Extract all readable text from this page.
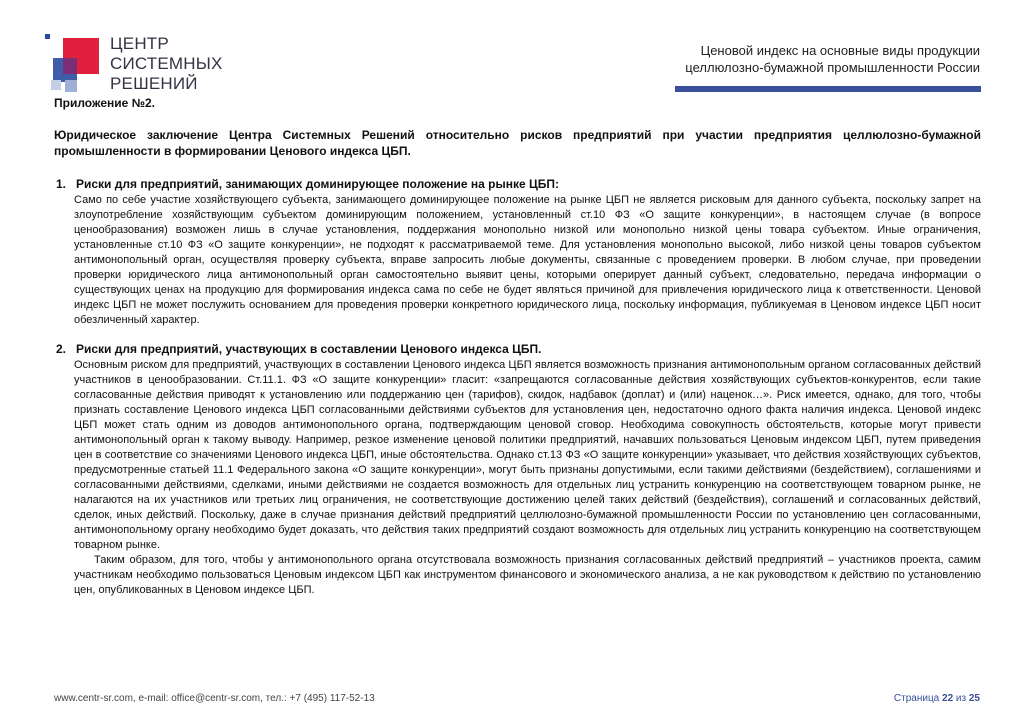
ЦЕНТР
СИСТЕМНЫХ
РЕШЕНИЙ
Ценовой индекс на основные виды продукции
целлюлозно-бумажной промышленности России
Приложение №2.
Юридическое заключение Центра Системных Решений относительно рисков предприятий при участии предприятия целлюлозно-бумажной промышленности в формировании Ценового индекса ЦБП.
1. Риски для предприятий, занимающих доминирующее положение на рынке ЦБП:

Само по себе участие хозяйствующего субъекта, занимающего доминирующее положение на рынке ЦБП не является рисковым для данного субъекта, поскольку запрет на злоупотребление хозяйствующим субъектом доминирующим положением, установленный ст.10 ФЗ «О защите конкуренции», в настоящем случае (в вопросе ценообразования) возможен лишь в случае установления, поддержания монопольно низкой или монопольно низкой цены товара субъектом. Иные ограничения, установленные ст.10 ФЗ «О защите конкуренции», не подходят к рассматриваемой теме. Для установления монопольно высокой, либо низкой цены товаров субъектом антимонопольный орган, осуществляя проверку субъекта, вправе запросить любые документы, связанные с проведением проверки. В любом случае, при проведении проверки юридического лица антимонопольный орган самостоятельно выявит цены, которыми оперирует данный субъект, следовательно, передача информации о существующих ценах на продукцию для формирования индекса сама по себе не будет являться причиной для привлечения юридического лица к ответственности. Ценовой индекс ЦБП не может послужить основанием для проведения проверки конкретного юридического лица, поскольку информация, публикуемая в Ценовом индексе ЦБП носит обезличенный характер.

2. Риски для предприятий, участвующих в составлении Ценового индекса ЦБП.

Основным риском для предприятий, участвующих в составлении Ценового индекса ЦБП является возможность признания антимонопольным органом согласованных действий участников в ценообразовании. Ст.11.1. ФЗ «О защите конкуренции» гласит: «запрещаются согласованные действия хозяйствующих субъектов-конкурентов, если такие согласованные действия приводят к установлению или поддержанию цен (тарифов), скидок, надбавок (доплат) и (или) наценок…». Риск имеется, однако, для того, чтобы признать составление Ценового индекса ЦБП согласованными действиями субъектов для установления цен, недостаточно одного факта наличия индекса. Ценовой индекс ЦБП может стать одним из доводов антимонопольного органа, подтверждающим ценовой сговор. Необходима совокупность обстоятельств, которые могут привести антимонопольный орган к такому выводу. Например, резкое изменение ценовой политики предприятий, начавших пользоваться Ценовым индексом ЦБП, путем приведения цен в соответствие со значениями Ценового индекса ЦБП, иные обстоятельства. Однако ст.13 ФЗ «О защите конкуренции» указывает, что действия хозяйствующих субъектов, предусмотренные статьей 11.1 Федерального закона «О защите конкуренции», могут быть признаны допустимыми, если такими действиями (бездействием), соглашениями и согласованными действиями, сделками, иными действиями не создается возможность для отдельных лиц устранить конкуренцию на соответствующем товарном рынке, не налагаются на их участников или третьих лиц ограничения, не соответствующие достижению целей таких действий (бездействия), соглашений и согласованных действий, сделок, иных действий. Поскольку, даже в случае признания действий предприятий целлюлозно-бумажной промышленности России по установлению цен согласованными, антимонопольному органу необходимо будет доказать, что действия таких предприятий создают возможность для отдельных лиц устранить конкуренцию на соответствующем товарном рынке.

Таким образом, для того, чтобы у антимонопольного органа отсутствовала возможность признания согласованных действий предприятий – участников проекта, самим участникам необходимо пользоваться Ценовым индексом ЦБП как инструментом финансового и экономического анализа, а не как руководством к действию по установлению цен, опубликованных в Ценовом индексе ЦБП.

www.centr-sr.com, e-mail: office@centr-sr.com, тел.: +7 (495) 117-52-13	Страница 22 из 25
